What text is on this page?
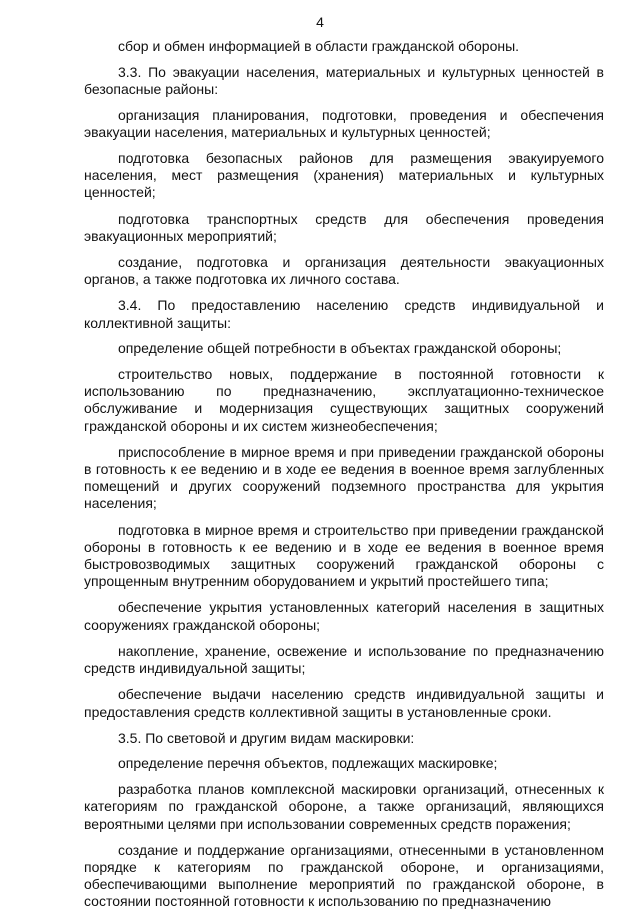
4

сбор и обмен информацией в области гражданской обороны.

3.3. По эвакуации населения, материальных и культурных ценностей в безопасные районы:

организация планирования, подготовки, проведения и обеспечения эвакуации населения, материальных и культурных ценностей;

подготовка безопасных районов для размещения эвакуируемого населения, мест размещения (хранения) материальных и культурных ценностей;

подготовка транспортных средств для обеспечения проведения эвакуационных мероприятий;

создание, подготовка и организация деятельности эвакуационных органов, а также подготовка их личного состава.

3.4. По предоставлению населению средств индивидуальной и коллективной защиты:

определение общей потребности в объектах гражданской обороны;

строительство новых, поддержание в постоянной готовности к использованию по предназначению, эксплуатационно-техническое обслуживание и модернизация существующих защитных сооружений гражданской обороны и их систем жизнеобеспечения;

приспособление в мирное время и при приведении гражданской обороны в готовность к ее ведению и в ходе ее ведения в военное время заглубленных помещений и других сооружений подземного пространства для укрытия населения;

подготовка в мирное время и строительство при приведении гражданской обороны в готовность к ее ведению и в ходе ее ведения в военное время быстровозводимых защитных сооружений гражданской обороны с упрощенным внутренним оборудованием и укрытий простейшего типа;

обеспечение укрытия установленных категорий населения в защитных сооружениях гражданской обороны;

накопление, хранение, освежение и использование по предназначению средств индивидуальной защиты;

обеспечение выдачи населению средств индивидуальной защиты и предоставления средств коллективной защиты в установленные сроки.

3.5. По световой и другим видам маскировки:

определение перечня объектов, подлежащих маскировке;

разработка планов комплексной маскировки организаций, отнесенных к категориям по гражданской обороне, а также организаций, являющихся вероятными целями при использовании современных средств поражения;

создание и поддержание организациями, отнесенными в установленном порядке к категориям по гражданской обороне, и организациями, обеспечивающими выполнение мероприятий по гражданской обороне, в состоянии постоянной готовности к использованию по предназначению
